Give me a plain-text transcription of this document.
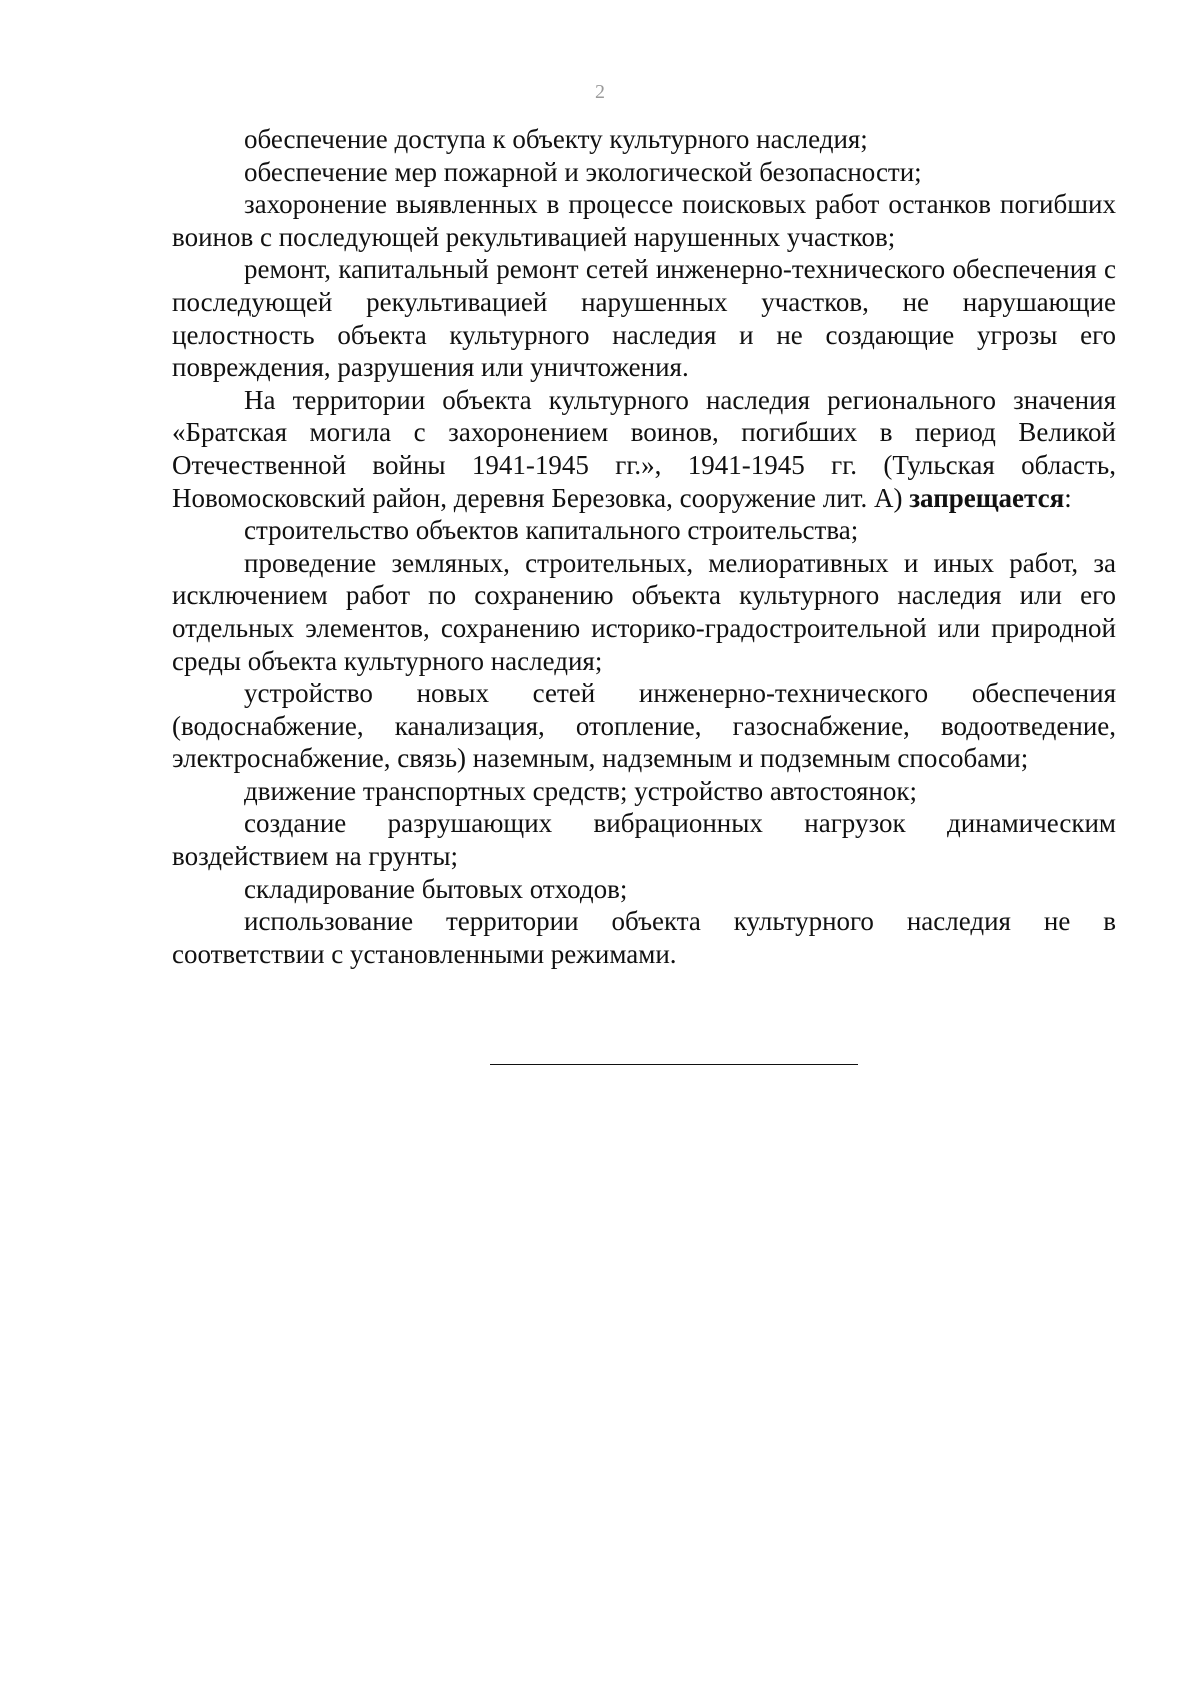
2

обеспечение доступа к объекту культурного наследия;

обеспечение мер пожарной и экологической безопасности;

захоронение выявленных в процессе поисковых работ останков погибших воинов с последующей рекультивацией нарушенных участков;

ремонт, капитальный ремонт сетей инженерно-технического обеспечения с последующей рекультивацией нарушенных участков, не нарушающие целостность объекта культурного наследия и не создающие угрозы его повреждения, разрушения или уничтожения.

На территории объекта культурного наследия регионального значения «Братская могила с захоронением воинов, погибших в период Великой Отечественной войны 1941-1945 гг.», 1941-1945 гг. (Тульская область, Новомосковский район, деревня Березовка, сооружение лит. А) запрещается:

строительство объектов капитального строительства;

проведение земляных, строительных, мелиоративных и иных работ, за исключением работ по сохранению объекта культурного наследия или его отдельных элементов, сохранению историко-градостроительной или природной среды объекта культурного наследия;

устройство новых сетей инженерно-технического обеспечения (водоснабжение, канализация, отопление, газоснабжение, водоотведение, электроснабжение, связь) наземным, надземным и подземным способами;

движение транспортных средств; устройство автостоянок;

создание разрушающих вибрационных нагрузок динамическим воздействием на грунты;

складирование бытовых отходов;

использование территории объекта культурного наследия не в соответствии с установленными режимами.
